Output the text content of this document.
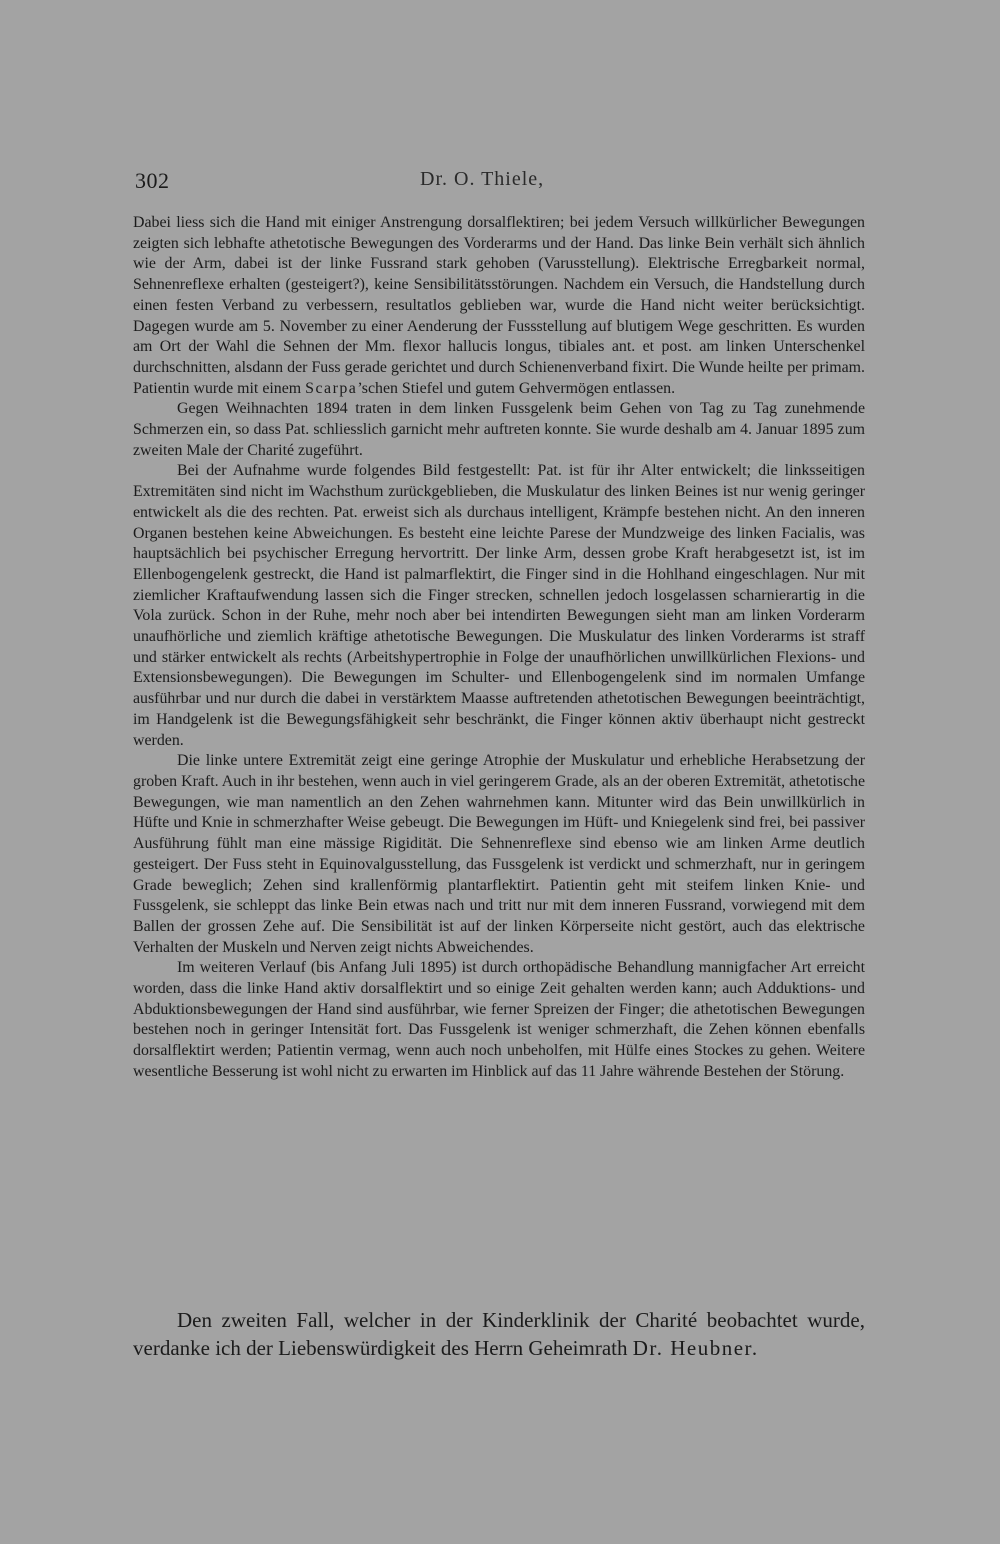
302	Dr. O. Thiele,

Dabei liess sich die Hand mit einiger Anstrengung dorsalflektiren; bei jedem Versuch willkürlicher Bewegungen zeigten sich lebhafte athetotische Bewegungen des Vorderarms und der Hand. Das linke Bein verhält sich ähnlich wie der Arm, dabei ist der linke Fussrand stark gehoben (Varusstellung). Elektrische Erregbarkeit normal, Sehnenreflexe erhalten (gesteigert?), keine Sensibilitätsstörungen. Nachdem ein Versuch, die Handstellung durch einen festen Verband zu verbessern, resultatlos geblieben war, wurde die Hand nicht weiter berücksichtigt. Dagegen wurde am 5. November zu einer Aenderung der Fussstellung auf blutigem Wege geschritten. Es wurden am Ort der Wahl die Sehnen der Mm. flexor hallucis longus, tibiales ant. et post. am linken Unterschenkel durchschnitten, alsdann der Fuss gerade gerichtet und durch Schienenverband fixirt. Die Wunde heilte per primam. Patientin wurde mit einem Scarpa’schen Stiefel und gutem Gehvermögen entlassen.

Gegen Weihnachten 1894 traten in dem linken Fussgelenk beim Gehen von Tag zu Tag zunehmende Schmerzen ein, so dass Pat. schliesslich garnicht mehr auftreten konnte. Sie wurde deshalb am 4. Januar 1895 zum zweiten Male der Charité zugeführt.

Bei der Aufnahme wurde folgendes Bild festgestellt: Pat. ist für ihr Alter entwickelt; die linksseitigen Extremitäten sind nicht im Wachsthum zurückgeblieben, die Muskulatur des linken Beines ist nur wenig geringer entwickelt als die des rechten. Pat. erweist sich als durchaus intelligent, Krämpfe bestehen nicht. An den inneren Organen bestehen keine Abweichungen. Es besteht eine leichte Parese der Mundzweige des linken Facialis, was hauptsächlich bei psychischer Erregung hervortritt. Der linke Arm, dessen grobe Kraft herabgesetzt ist, ist im Ellenbogengelenk gestreckt, die Hand ist palmarflektirt, die Finger sind in die Hohlhand eingeschlagen. Nur mit ziemlicher Kraftaufwendung lassen sich die Finger strecken, schnellen jedoch losgelassen scharnierartig in die Vola zurück. Schon in der Ruhe, mehr noch aber bei intendirten Bewegungen sieht man am linken Vorderarm unaufhörliche und ziemlich kräftige athetotische Bewegungen. Die Muskulatur des linken Vorderarms ist straff und stärker entwickelt als rechts (Arbeitshypertrophie in Folge der unaufhörlichen unwillkürlichen Flexions- und Extensionsbewegungen). Die Bewegungen im Schulter- und Ellenbogengelenk sind im normalen Umfange ausführbar und nur durch die dabei in verstärktem Maasse auftretenden athetotischen Bewegungen beeinträchtigt, im Handgelenk ist die Bewegungsfähigkeit sehr beschränkt, die Finger können aktiv überhaupt nicht gestreckt werden.

Die linke untere Extremität zeigt eine geringe Atrophie der Muskulatur und erhebliche Herabsetzung der groben Kraft. Auch in ihr bestehen, wenn auch in viel geringerem Grade, als an der oberen Extremität, athetotische Bewegungen, wie man namentlich an den Zehen wahrnehmen kann. Mitunter wird das Bein unwillkürlich in Hüfte und Knie in schmerzhafter Weise gebeugt. Die Bewegungen im Hüft- und Kniegelenk sind frei, bei passiver Ausführung fühlt man eine mässige Rigidität. Die Sehnenreflexe sind ebenso wie am linken Arme deutlich gesteigert. Der Fuss steht in Equinovalgusstellung, das Fussgelenk ist verdickt und schmerzhaft, nur in geringem Grade beweglich; Zehen sind krallenförmig plantarflektirt. Patientin geht mit steifem linken Knie- und Fussgelenk, sie schleppt das linke Bein etwas nach und tritt nur mit dem inneren Fussrand, vorwiegend mit dem Ballen der grossen Zehe auf. Die Sensibilität ist auf der linken Körperseite nicht gestört, auch das elektrische Verhalten der Muskeln und Nerven zeigt nichts Abweichendes.

Im weiteren Verlauf (bis Anfang Juli 1895) ist durch orthopädische Behandlung mannigfacher Art erreicht worden, dass die linke Hand aktiv dorsalflektirt und so einige Zeit gehalten werden kann; auch Adduktions- und Abduktionsbewegungen der Hand sind ausführbar, wie ferner Spreizen der Finger; die athetotischen Bewegungen bestehen noch in geringer Intensität fort. Das Fussgelenk ist weniger schmerzhaft, die Zehen können ebenfalls dorsalflektirt werden; Patientin vermag, wenn auch noch unbeholfen, mit Hülfe eines Stockes zu gehen. Weitere wesentliche Besserung ist wohl nicht zu erwarten im Hinblick auf das 11 Jahre währende Bestehen der Störung.

Den zweiten Fall, welcher in der Kinderklinik der Charité beobachtet wurde, verdanke ich der Liebenswürdigkeit des Herrn Geheimrath Dr. Heubner.
